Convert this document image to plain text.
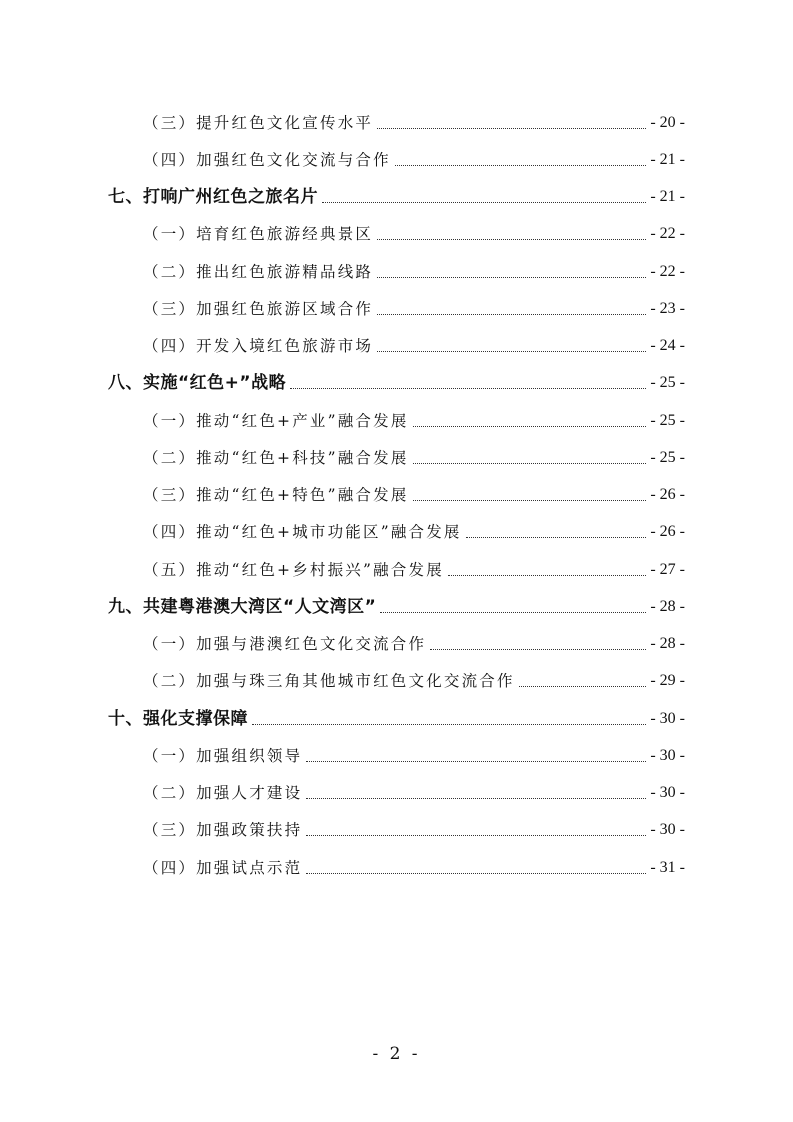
（三）提升红色文化宣传水平	- 20 -
（四）加强红色文化交流与合作	- 21 -
七、打响广州红色之旅名片	- 21 -
（一）培育红色旅游经典景区	- 22 -
（二）推出红色旅游精品线路	- 22 -
（三）加强红色旅游区域合作	- 23 -
（四）开发入境红色旅游市场	- 24 -
八、实施“红色+”战略	- 25 -
（一）推动“红色+产业”融合发展	- 25 -
（二）推动“红色+科技”融合发展	- 25 -
（三）推动“红色+特色”融合发展	- 26 -
（四）推动“红色+城市功能区”融合发展	- 26 -
（五）推动“红色+乡村振兴”融合发展	- 27 -
九、共建粤港澳大湾区“人文湾区”	- 28 -
（一）加强与港澳红色文化交流合作	- 28 -
（二）加强与珠三角其他城市红色文化交流合作	- 29 -
十、强化支撑保障	- 30 -
（一）加强组织领导	- 30 -
（二）加强人才建设	- 30 -
（三）加强政策扶持	- 30 -
（四）加强试点示范	- 31 -
- 2 -
